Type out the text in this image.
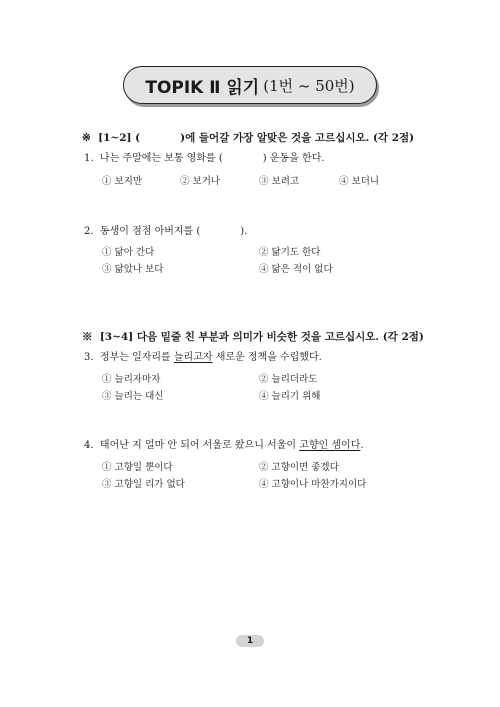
TOPIK Ⅱ 읽기 (1번 ~ 50번)
※ [1~2] (	)에 들어갈 가장 알맞은 것을 고르십시오. (각 2점)
1. 나는 주말에는 보통 영화를 (	) 운동을 한다.
① 보지만	② 보거나	③ 보려고	④ 보더니
2. 동생이 점점 아버지를 (	).
① 닮아 간다	② 닮기도 한다
③ 닮았나 보다	④ 닮은 적이 없다
※ [3~4] 다음 밑줄 친 부분과 의미가 비슷한 것을 고르십시오. (각 2점)
3. 정부는 일자리를 늘리고자 새로운 정책을 수립했다.
① 늘리자마자	② 늘리더라도
③ 늘리는 대신	④ 늘리기 위해
4. 태어난 지 얼마 안 되어 서울로 왔으니 서울이 고향인 셈이다.
① 고향일 뿐이다	② 고향이면 좋겠다
③ 고향일 리가 없다	④ 고향이나 마찬가지이다
1
